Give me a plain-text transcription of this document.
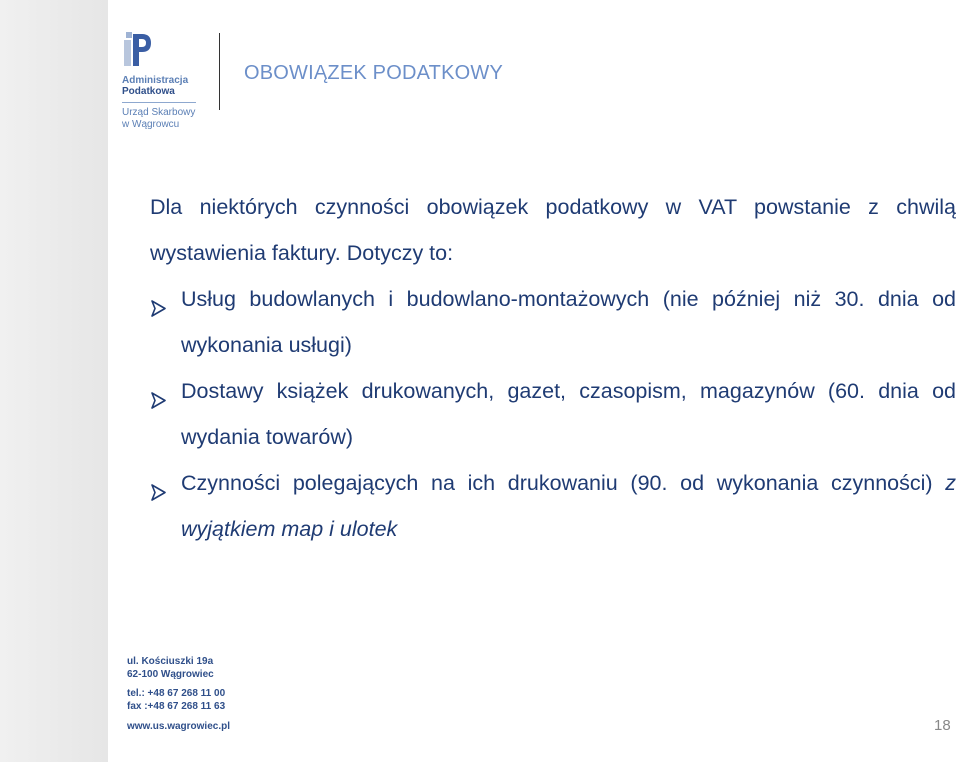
Administracja
Podatkowa
Urząd Skarbowy
w Wągrowcu
OBOWIĄZEK PODATKOWY
Dla niektórych czynności obowiązek podatkowy w VAT powstanie z chwilą wystawienia faktury. Dotyczy to:
Usług budowlanych i budowlano-montażowych (nie później niż 30. dnia od wykonania usługi)
Dostawy książek drukowanych, gazet, czasopism, magazynów (60. dnia od wydania towarów)
Czynności polegających na ich drukowaniu (90. od wykonania czynności) z wyjątkiem map i ulotek
ul. Kościuszki 19a
62-100 Wągrowiec
tel.: +48 67 268 11 00
fax :+48 67 268 11 63
www.us.wagrowiec.pl	18
